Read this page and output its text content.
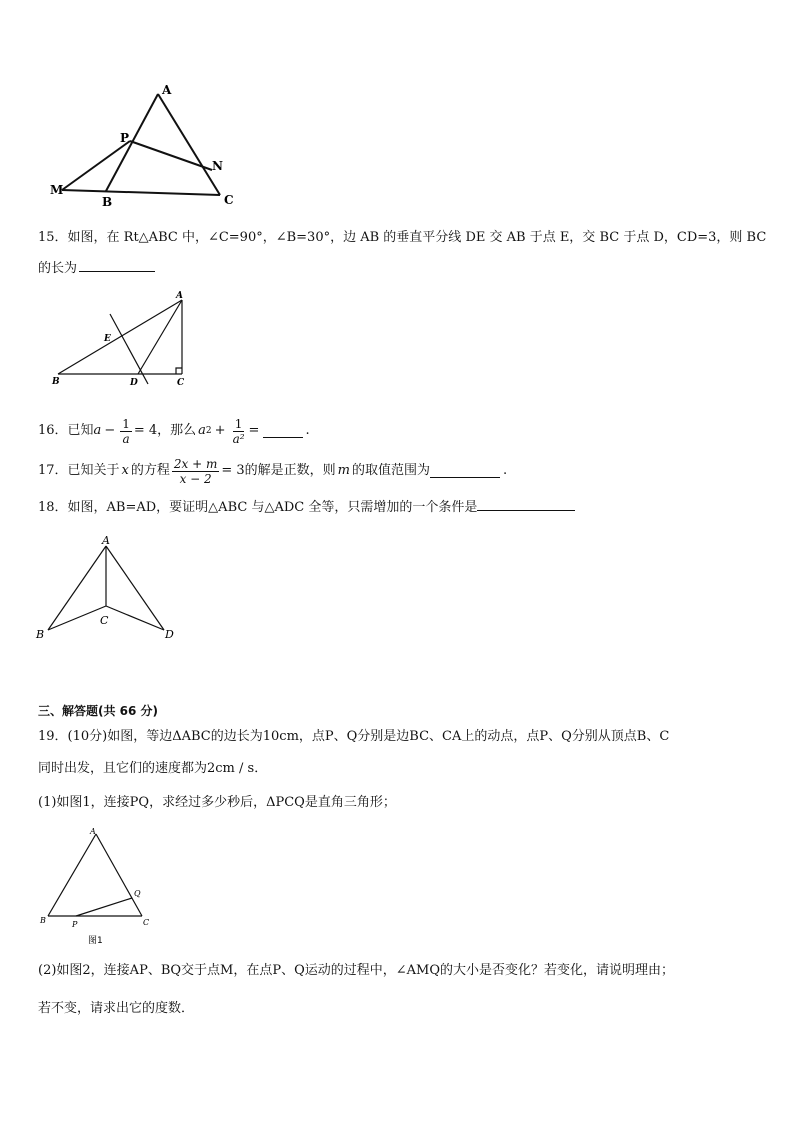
A
P
N
M
B	C
15．如图，在 Rt△ABC 中，∠C=90°，∠B=30°，边 AB 的垂直平分线 DE 交 AB 于点 E，交 BC 于点 D，CD=3，则 BC
的长为
A
E
B	D	C
16．已知 $a - \frac{1}{a} = 4$，那么 a $2 + \frac{1}{\text{a²}}$ =	.
17．已知关于 x 的方程 $\frac{2x + m}{x - 2} = 3$的解是正数，则 m 的取值范围为	.
18．如图，AB=AD，要证明△ABC 与△ADC 全等，只需增加的一个条件是
A
B
C
D
三、解答题(共 66 分)
19．(10分)如图，等边ΔABC的边长为10cm，点P、Q分别是边BC、CA上的动点，点P、Q分别从顶点B、C
同时出发，且它们的速度都为2cm / s．
(1)如图1，连接PQ，求经过多少秒后，ΔPCQ是直角三角形；
A
Q
B	P	C
图1
(2)如图2，连接AP、BQ交于点M，在点P、Q运动的过程中，∠AMQ的大小是否变化？若变化，请说明理由；
若不变，请求出它的度数．
